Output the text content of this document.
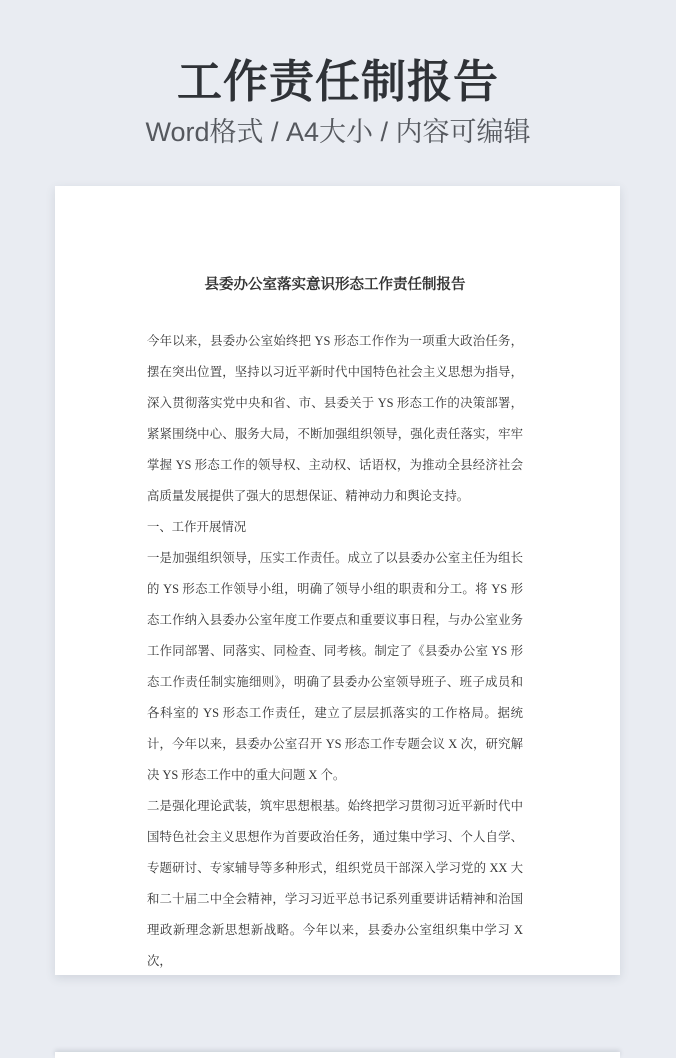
工作责任制报告

Word格式 / A4大小 / 内容可编辑

县委办公室落实意识形态工作责任制报告

今年以来，县委办公室始终把 YS 形态工作作为一项重大政治任务，摆在突出位置，坚持以习近平新时代中国特色社会主义思想为指导，深入贯彻落实党中央和省、市、县委关于 YS 形态工作的决策部署，紧紧围绕中心、服务大局，不断加强组织领导，强化责任落实，牢牢掌握 YS 形态工作的领导权、主动权、话语权，为推动全县经济社会高质量发展提供了强大的思想保证、精神动力和舆论支持。

一、工作开展情况

一是加强组织领导，压实工作责任。成立了以县委办公室主任为组长的 YS 形态工作领导小组，明确了领导小组的职责和分工。将 YS 形态工作纳入县委办公室年度工作要点和重要议事日程，与办公室业务工作同部署、同落实、同检查、同考核。制定了《县委办公室 YS 形态工作责任制实施细则》，明确了县委办公室领导班子、班子成员和各科室的 YS 形态工作责任，建立了层层抓落实的工作格局。据统计，今年以来，县委办公室召开 YS 形态工作专题会议 X 次，研究解决 YS 形态工作中的重大问题 X 个。

二是强化理论武装，筑牢思想根基。始终把学习贯彻习近平新时代中国特色社会主义思想作为首要政治任务，通过集中学习、个人自学、专题研讨、专家辅导等多种形式，组织党员干部深入学习党的 XX 大和二十届二中全会精神，学习习近平总书记系列重要讲话精神和治国理政新理念新思想新战略。今年以来，县委办公室组织集中学习 X 次，
